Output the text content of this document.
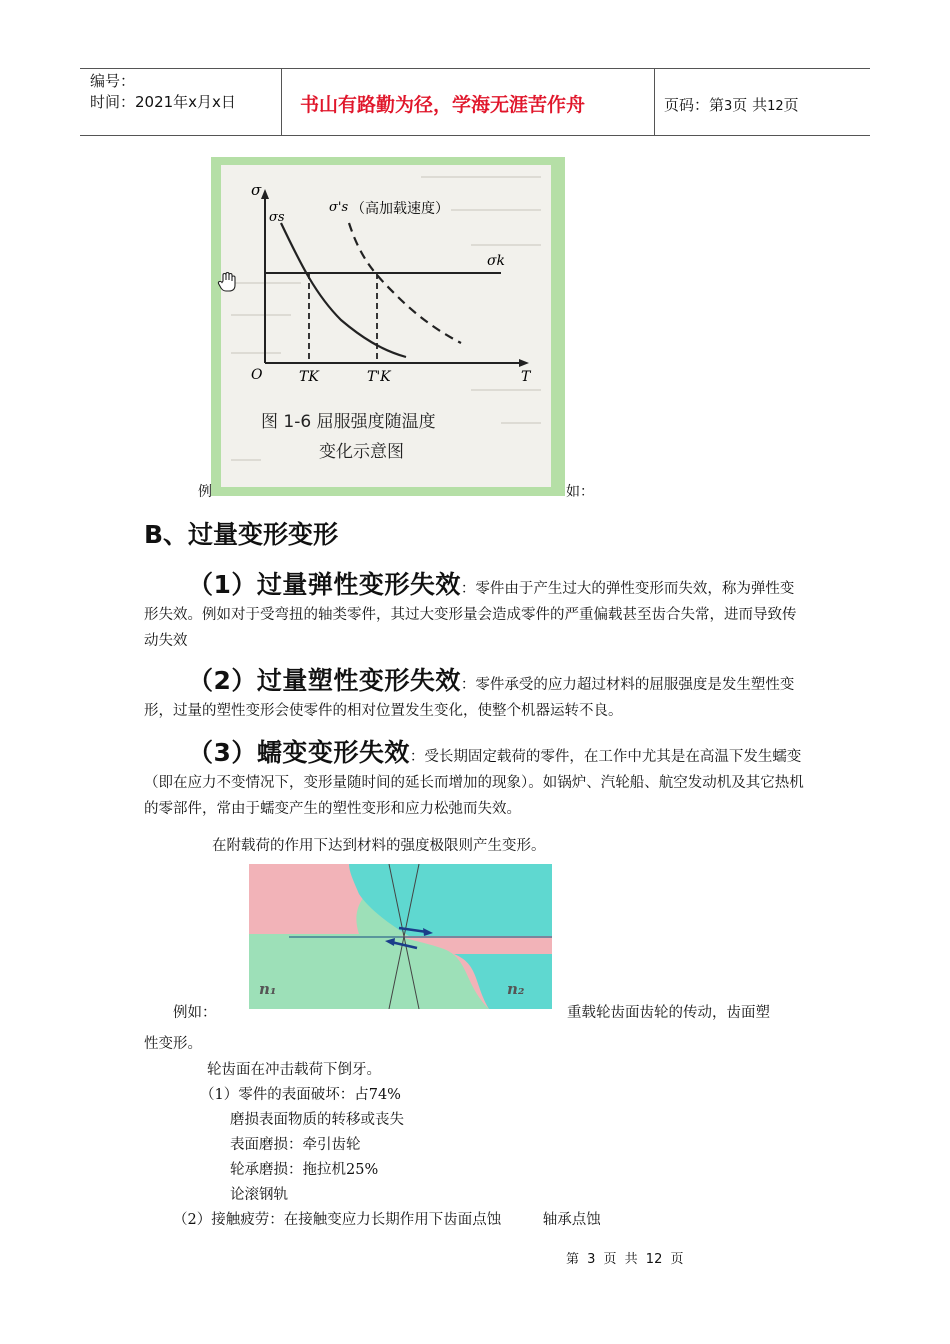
编号：
时间：2021年x月x日	书山有路勤为径，学海无涯苦作舟	页码：第3页 共12页
σ
σs
σ's （高加载速度）
σk
O	TK	T'K	T
图 1-6 屈服强度随温度
变化示意图
例	如：
B、过量变形变形
（1）过量弹性变形失效：零件由于产生过大的弹性变形而失效，称为弹性变形失效。例如对于受弯扭的轴类零件，其过大变形量会造成零件的严重偏载甚至齿合失常，进而导致传动失效
（2）过量塑性变形失效：零件承受的应力超过材料的屈服强度是发生塑性变形，过量的塑性变形会使零件的相对位置发生变化，使整个机器运转不良。
（3）蠕变变形失效：受长期固定载荷的零件，在工作中尤其是在高温下发生蠕变（即在应力不变情况下，变形量随时间的延长而增加的现象）。如锅炉、汽轮船、航空发动机及其它热机的零部件，常由于蠕变产生的塑性变形和应力松弛而失效。
在附载荷的作用下达到材料的强度极限则产生变形。
n₁	n₂
例如：	重载轮齿面齿轮的传动，齿面塑
性变形。
轮齿面在冲击载荷下倒牙。
（1）零件的表面破坏：占74%
磨损表面物质的转移或丧失
表面磨损：牵引齿轮
轮承磨损：拖拉机25%
论滚钢轨
（2）接触疲劳：在接触变应力长期作用下齿面点蚀         轴承点蚀
第 3 页 共 12 页
